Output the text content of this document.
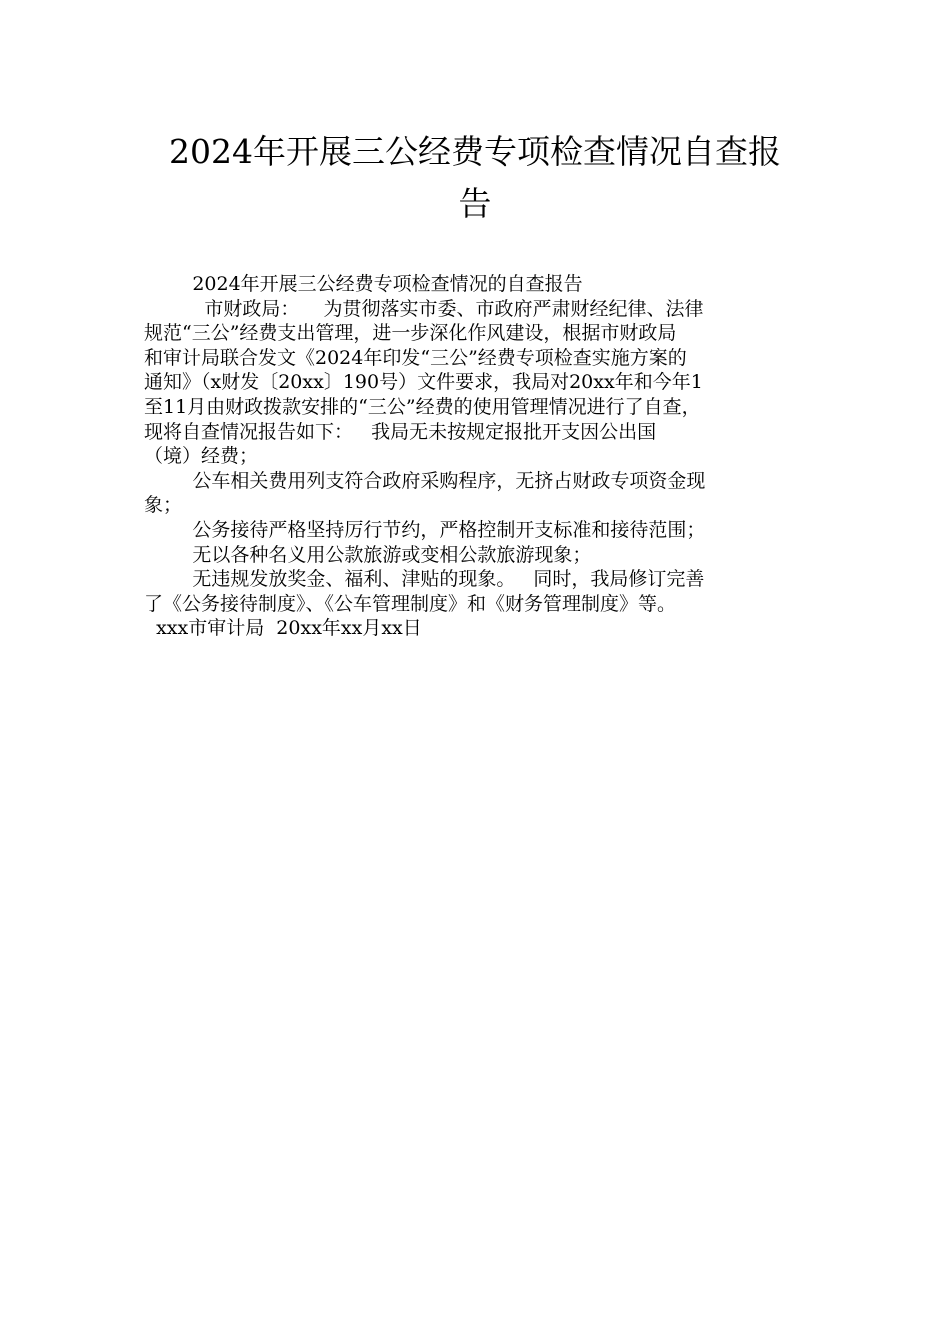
2024年开展三公经费专项检查情况自查报
告

2024年开展三公经费专项检查情况的自查报告

市财政局：    为贯彻落实市委、市政府严肃财经纪律、法律

规范“三公”经费支出管理，进一步深化作风建设，根据市财政局

和审计局联合发文《2024年印发“三公”经费专项检查实施方案的

通知》（x财发〔20xx〕190号）文件要求，我局对20xx年和今年1

至11月由财政拨款安排的“三公”经费的使用管理情况进行了自查，

现将自查情况报告如下：   我局无未按规定报批开支因公出国

（境）经费；

公车相关费用列支符合政府采购程序，无挤占财政专项资金现

象；

公务接待严格坚持厉行节约，严格控制开支标准和接待范围；

无以各种名义用公款旅游或变相公款旅游现象；

无违规发放奖金、福利、津贴的现象。   同时，我局修订完善

了《公务接待制度》、《公车管理制度》和《财务管理制度》等。

xxx市审计局  20xx年xx月xx日
